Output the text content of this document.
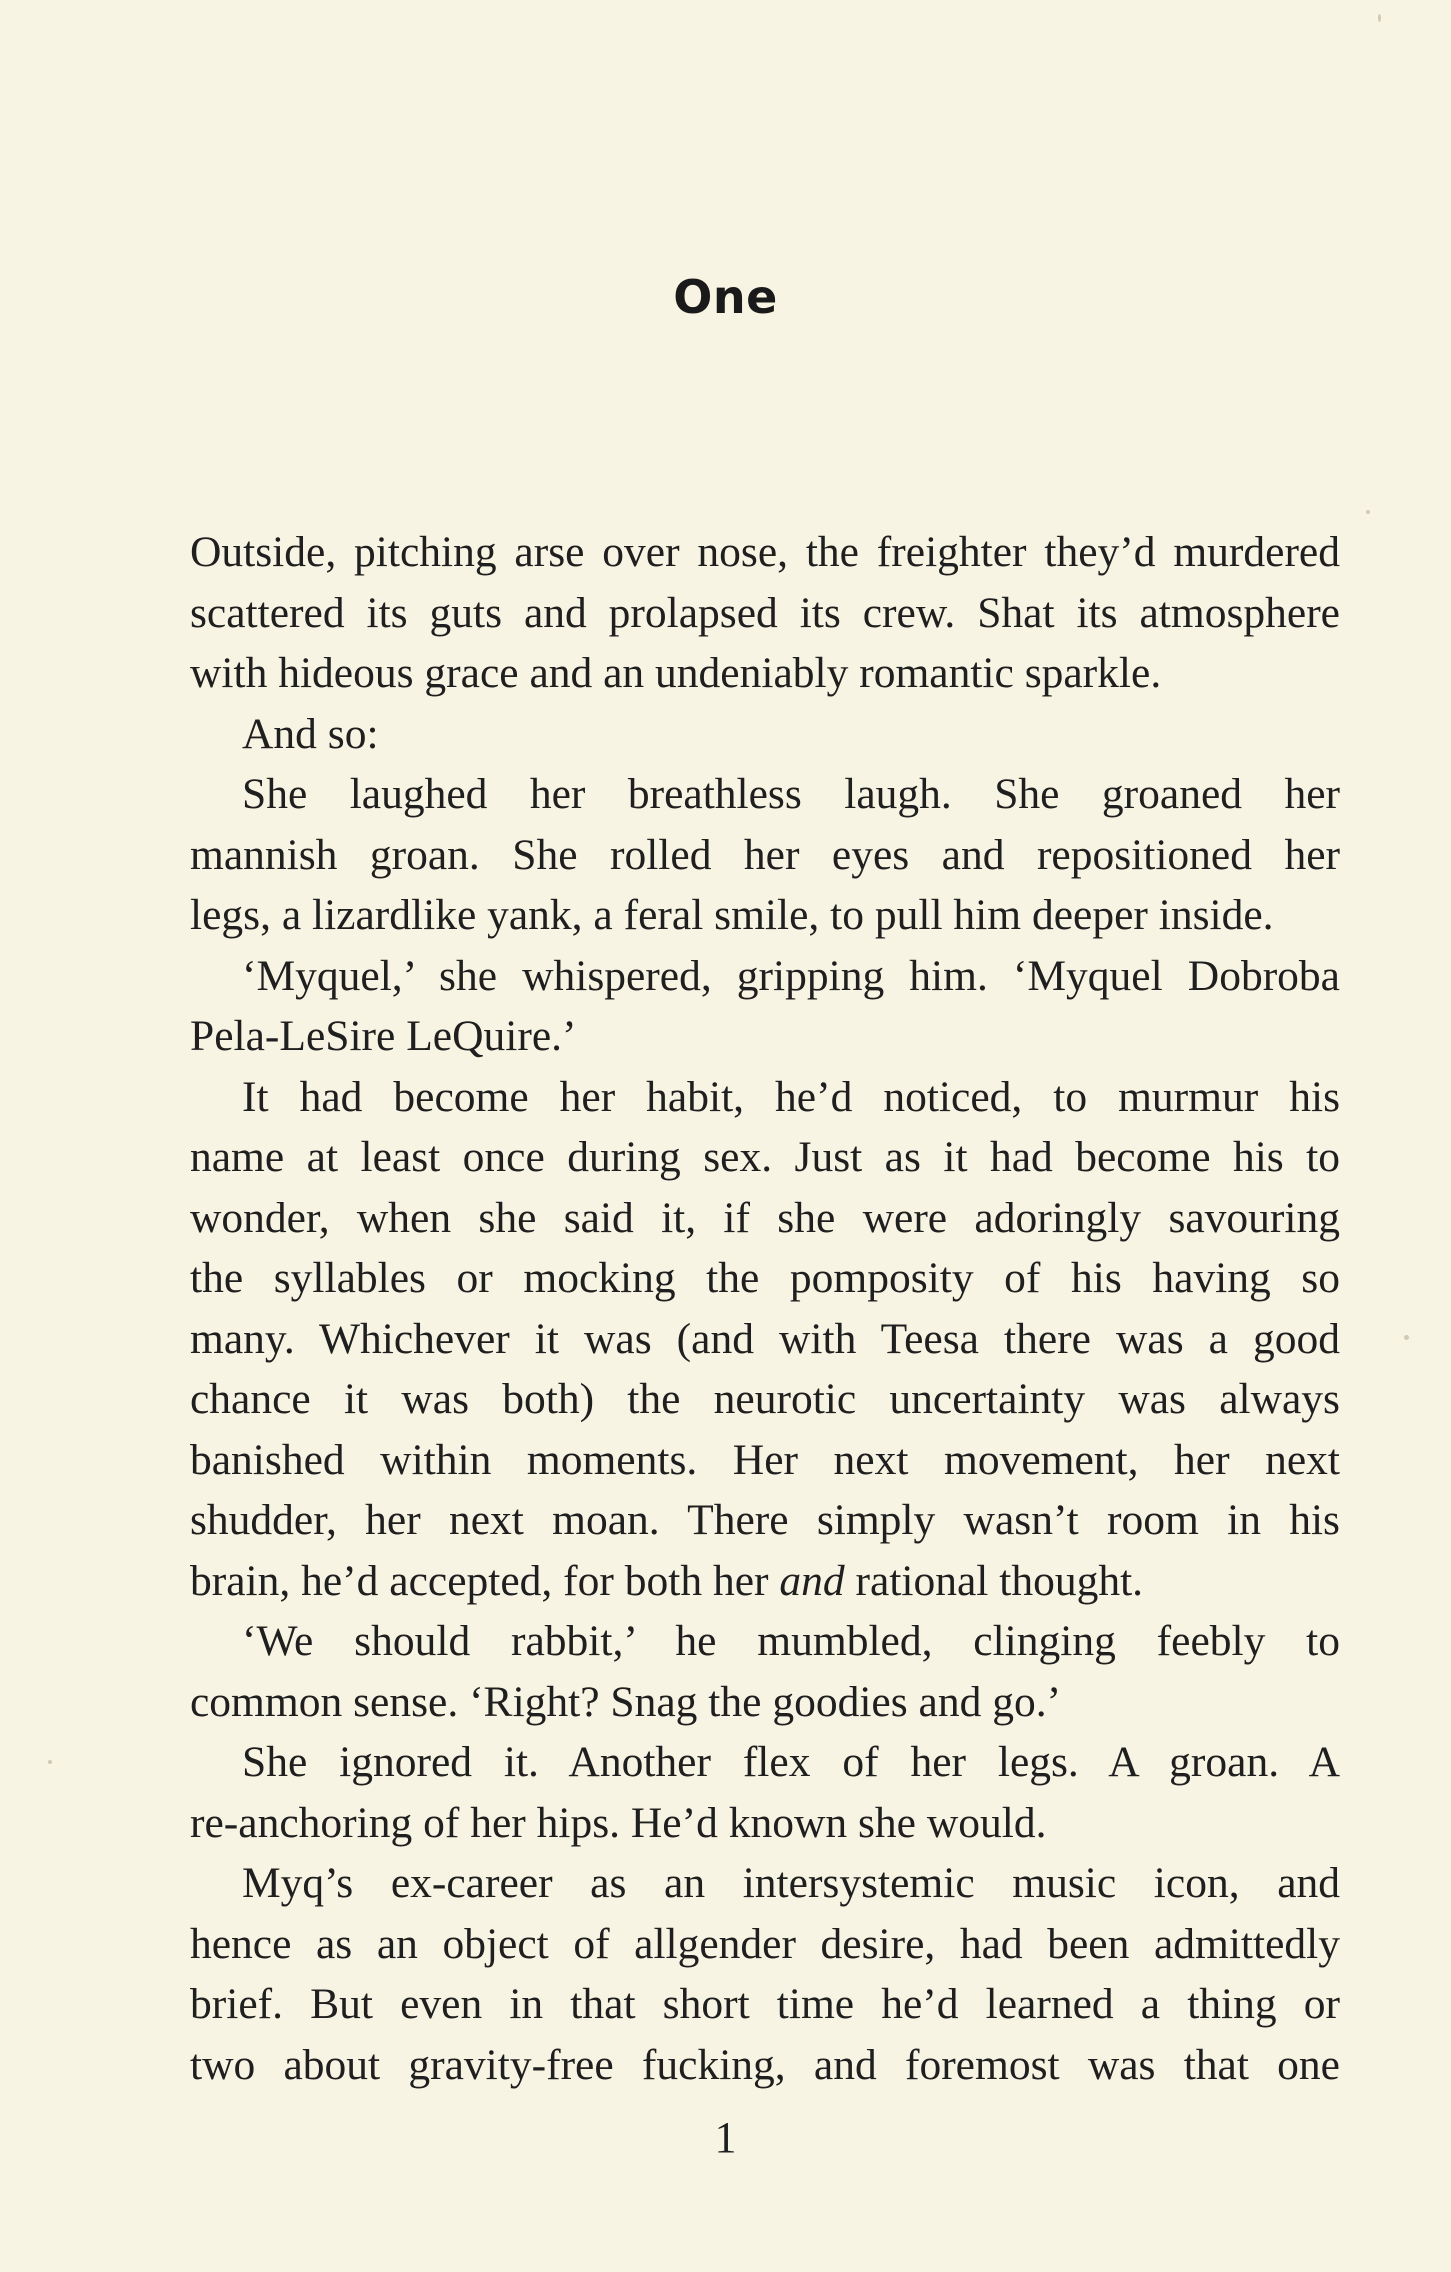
One
Outside, pitching arse over nose, the freighter they’d murdered
scattered its guts and prolapsed its crew. Shat its atmosphere
with hideous grace and an undeniably romantic sparkle.
And so:
She laughed her breathless laugh. She groaned her
mannish groan. She rolled her eyes and repositioned her
legs, a lizardlike yank, a feral smile, to pull him deeper inside.
‘Myquel,’ she whispered, gripping him. ‘Myquel Dobroba
Pela-LeSire LeQuire.’
It had become her habit, he’d noticed, to murmur his
name at least once during sex. Just as it had become his to
wonder, when she said it, if she were adoringly savouring
the syllables or mocking the pomposity of his having so
many. Whichever it was (and with Teesa there was a good
chance it was both) the neurotic uncertainty was always
banished within moments. Her next movement, her next
shudder, her next moan. There simply wasn’t room in his
brain, he’d accepted, for both her and rational thought.
‘We should rabbit,’ he mumbled, clinging feebly to
common sense. ‘Right? Snag the goodies and go.’
She ignored it. Another flex of her legs. A groan. A
re-anchoring of her hips. He’d known she would.
Myq’s ex-career as an intersystemic music icon, and
hence as an object of allgender desire, had been admittedly
brief. But even in that short time he’d learned a thing or
two about gravity-free fucking, and foremost was that one
1
